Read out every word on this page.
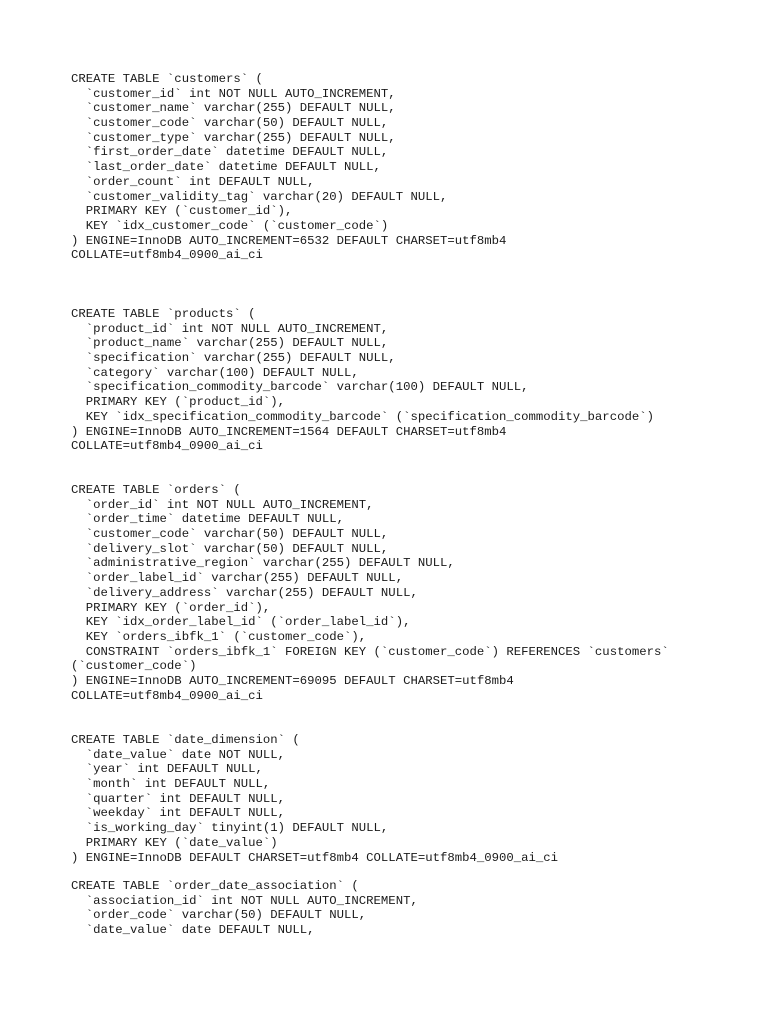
CREATE TABLE `customers` (
`customer_id` int NOT NULL AUTO_INCREMENT,
`customer_name` varchar(255) DEFAULT NULL,
`customer_code` varchar(50) DEFAULT NULL,
`customer_type` varchar(255) DEFAULT NULL,
`first_order_date` datetime DEFAULT NULL,
`last_order_date` datetime DEFAULT NULL,
`order_count` int DEFAULT NULL,
`customer_validity_tag` varchar(20) DEFAULT NULL,
PRIMARY KEY (`customer_id`),
KEY `idx_customer_code` (`customer_code`)
) ENGINE=InnoDB AUTO_INCREMENT=6532 DEFAULT CHARSET=utf8mb4
COLLATE=utf8mb4_0900_ai_ci
CREATE TABLE `products` (
`product_id` int NOT NULL AUTO_INCREMENT,
`product_name` varchar(255) DEFAULT NULL,
`specification` varchar(255) DEFAULT NULL,
`category` varchar(100) DEFAULT NULL,
`specification_commodity_barcode` varchar(100) DEFAULT NULL,
PRIMARY KEY (`product_id`),
KEY `idx_specification_commodity_barcode` (`specification_commodity_barcode`)
) ENGINE=InnoDB AUTO_INCREMENT=1564 DEFAULT CHARSET=utf8mb4
COLLATE=utf8mb4_0900_ai_ci
CREATE TABLE `orders` (
`order_id` int NOT NULL AUTO_INCREMENT,
`order_time` datetime DEFAULT NULL,
`customer_code` varchar(50) DEFAULT NULL,
`delivery_slot` varchar(50) DEFAULT NULL,
`administrative_region` varchar(255) DEFAULT NULL,
`order_label_id` varchar(255) DEFAULT NULL,
`delivery_address` varchar(255) DEFAULT NULL,
PRIMARY KEY (`order_id`),
KEY `idx_order_label_id` (`order_label_id`),
KEY `orders_ibfk_1` (`customer_code`),
CONSTRAINT `orders_ibfk_1` FOREIGN KEY (`customer_code`) REFERENCES `customers`
(`customer_code`)
) ENGINE=InnoDB AUTO_INCREMENT=69095 DEFAULT CHARSET=utf8mb4
COLLATE=utf8mb4_0900_ai_ci
CREATE TABLE `date_dimension` (
`date_value` date NOT NULL,
`year` int DEFAULT NULL,
`month` int DEFAULT NULL,
`quarter` int DEFAULT NULL,
`weekday` int DEFAULT NULL,
`is_working_day` tinyint(1) DEFAULT NULL,
PRIMARY KEY (`date_value`)
) ENGINE=InnoDB DEFAULT CHARSET=utf8mb4 COLLATE=utf8mb4_0900_ai_ci
CREATE TABLE `order_date_association` (
`association_id` int NOT NULL AUTO_INCREMENT,
`order_code` varchar(50) DEFAULT NULL,
`date_value` date DEFAULT NULL,
